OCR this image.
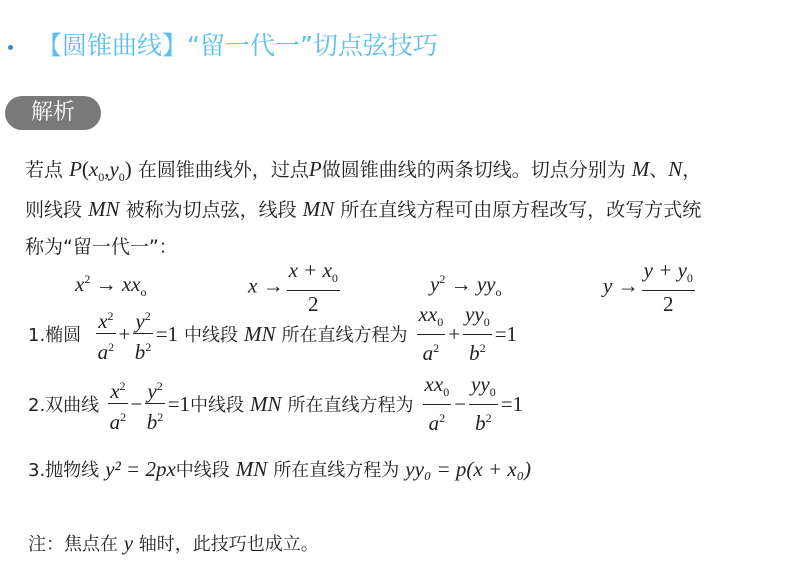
【圆锥曲线】“留一代一”切点弦技巧
解析
若点 $P(x_0,y_0)$ 在圆锥曲线外，过点P做圆锥曲线的两条切线。切点分别为 M、N，
则线段 MN 被称为切点弦，线段 MN 所在直线方程可由原方程改写，改写方式统
称为“留一代一”：
$x^2 \to xx_o$	$x \to \frac{x + x_0}{2}$	$y^2 \to yy_o$	$y \to \frac{y + y_0}{2}$
1.椭圆 $\frac{x^2}{a^2} + \frac{y^2}{b^2} =1$ 中线段 MN 所在直线方程为 $\frac{xx_0}{a^2} + \frac{yy_0}{b^2} =1$
2.双曲线 $\frac{x^2}{a^2} - \frac{y^2}{b^2} =1$ 中线段 MN 所在直线方程为 $\frac{xx_0}{a^2} - \frac{yy_0}{b^2} =1$
3.抛物线 y² = 2px 中线段 MN 所在直线方程为 yy₀ = p(x + x₀)
注：焦点在 y 轴时，此技巧也成立。
